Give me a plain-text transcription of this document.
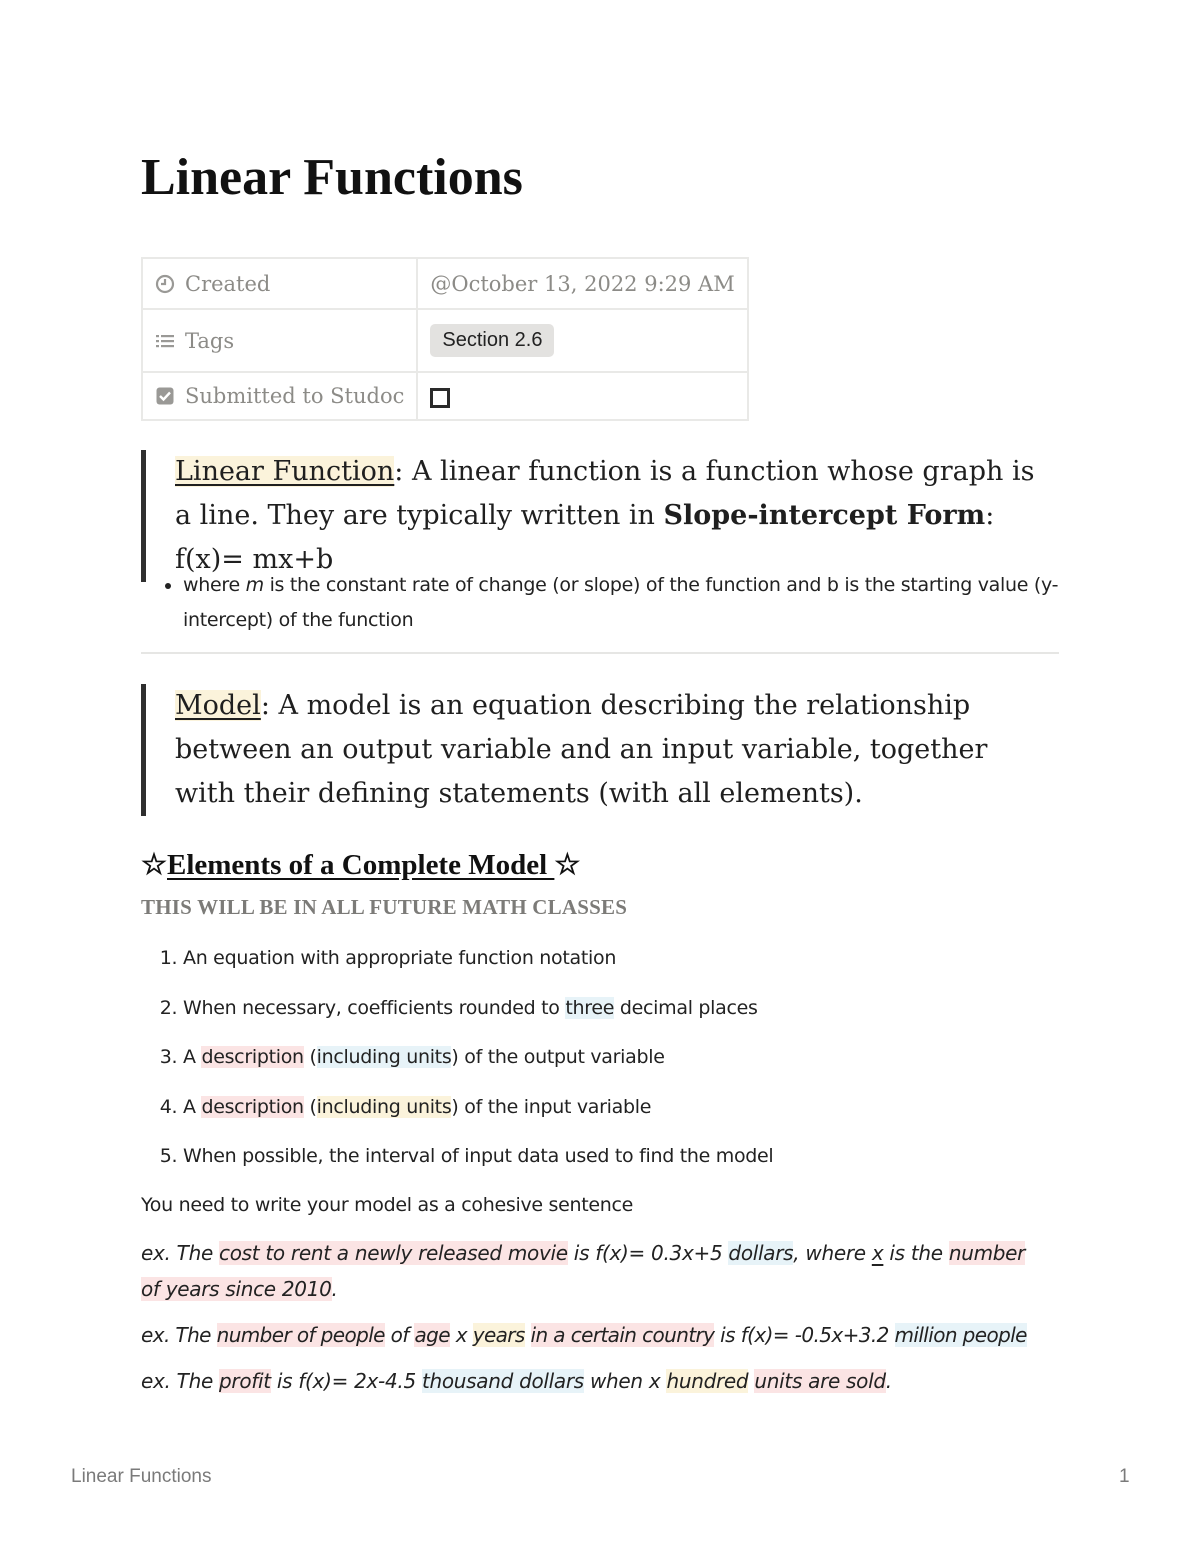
Linear Functions
Created	@October 13, 2022 9:29 AM

Tags	Section 2.6

Submitted to Studoc	

Linear Function: A linear function is a function whose graph is a line. They are typically written in Slope-intercept Form: f(x)= mx+b
• where m is the constant rate of change (or slope) of the function and b is the starting value (y-intercept) of the function
Model: A model is an equation describing the relationship between an output variable and an input variable, together with their defining statements (with all elements).
☆Elements of a Complete Model ☆
THIS WILL BE IN ALL FUTURE MATH CLASSES
1. An equation with appropriate function notation
2. When necessary, coefficients rounded to three decimal places
3. A description (including units) of the output variable
4. A description (including units) of the input variable
5. When possible, the interval of input data used to find the model
You need to write your model as a cohesive sentence
ex. The cost to rent a newly released movie is f(x)= 0.3x+5 dollars, where x is the number of years since 2010.
ex. The number of people of age x years in a certain country is f(x)= -0.5x+3.2 million people
ex. The profit is f(x)= 2x-4.5 thousand dollars when x hundred units are sold.
Linear Functions	1
